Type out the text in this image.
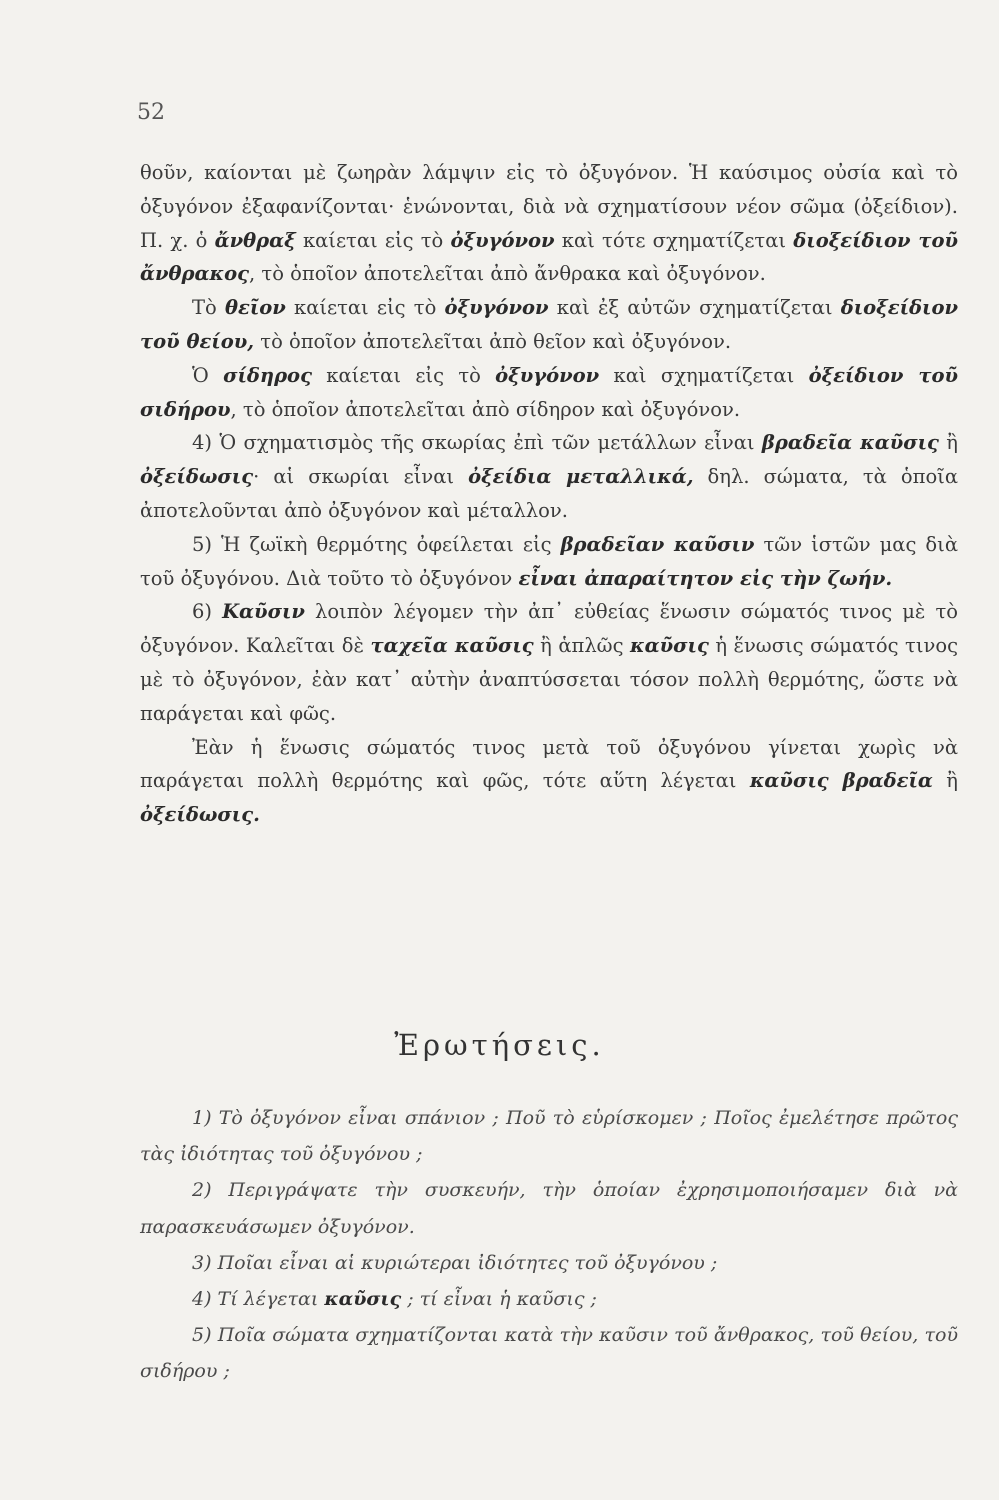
52

θοῦν, καίονται μὲ ζωηρὰν λάμψιν εἰς τὸ ὀξυγόνον. Ἡ καύσιμος οὐσία καὶ τὸ ὀξυγόνον ἐξαφανίζονται· ἑνώνονται, διὰ νὰ σχηματίσουν νέον σῶμα (ὀξείδιον). Π. χ. ὁ ἄνθραξ καίεται εἰς τὸ ὀξυγόνον καὶ τότε σχηματίζεται διοξείδιον τοῦ ἄνθρακος, τὸ ὁποῖον ἀποτελεῖται ἀπὸ ἄνθρακα καὶ ὀξυγόνον.

Τὸ θεῖον καίεται εἰς τὸ ὀξυγόνον καὶ ἐξ αὐτῶν σχηματίζεται διοξείδιον τοῦ θείου, τὸ ὁποῖον ἀποτελεῖται ἀπὸ θεῖον καὶ ὀξυγόνον.

Ὁ σίδηρος καίεται εἰς τὸ ὀξυγόνον καὶ σχηματίζεται ὀξείδιον τοῦ σιδήρου, τὸ ὁποῖον ἀποτελεῖται ἀπὸ σίδηρον καὶ ὀξυγόνον.

4) Ὁ σχηματισμὸς τῆς σκωρίας ἐπὶ τῶν μετάλλων εἶναι βραδεῖα καῦσις ἢ ὀξείδωσις· αἱ σκωρίαι εἶναι ὀξείδια μεταλλικά, δηλ. σώματα, τὰ ὁποῖα ἀποτελοῦνται ἀπὸ ὀξυγόνον καὶ μέταλλον.

5) Ἡ ζωϊκὴ θερμότης ὀφείλεται εἰς βραδεῖαν καῦσιν τῶν ἱστῶν μας διὰ τοῦ ὀξυγόνου. Διὰ τοῦτο τὸ ὀξυγόνον εἶναι ἀπαραίτητον εἰς τὴν ζωήν.

6) Καῦσιν λοιπὸν λέγομεν τὴν ἀπ᾽ εὐθείας ἕνωσιν σώματός τινος μὲ τὸ ὀξυγόνον. Καλεῖται δὲ ταχεῖα καῦσις ἢ ἁπλῶς καῦσις ἡ ἕνωσις σώματός τινος μὲ τὸ ὀξυγόνον, ἐὰν κατ᾽ αὐτὴν ἀναπτύσσεται τόσον πολλὴ θερμότης, ὥστε νὰ παράγεται καὶ φῶς.

Ἐὰν ἡ ἕνωσις σώματός τινος μετὰ τοῦ ὀξυγόνου γίνεται χωρὶς νὰ παράγεται πολλὴ θερμότης καὶ φῶς, τότε αὕτη λέγεται καῦσις βραδεῖα ἢ ὀξείδωσις.

Ἐρωτήσεις.

1) Τὸ ὀξυγόνον εἶναι σπάνιον ; Ποῦ τὸ εὑρίσκομεν ; Ποῖος ἐμελέτησε πρῶτος τὰς ἰδιότητας τοῦ ὀξυγόνου ;

2) Περιγράψατε τὴν συσκευήν, τὴν ὁποίαν ἐχρησιμοποιήσαμεν διὰ νὰ παρασκευάσωμεν ὀξυγόνον.

3) Ποῖαι εἶναι αἱ κυριώτεραι ἰδιότητες τοῦ ὀξυγόνου ;

4) Τί λέγεται καῦσις ; τί εἶναι ἡ καῦσις ;

5) Ποῖα σώματα σχηματίζονται κατὰ τὴν καῦσιν τοῦ ἄνθρακος, τοῦ θείου, τοῦ σιδήρου ;
